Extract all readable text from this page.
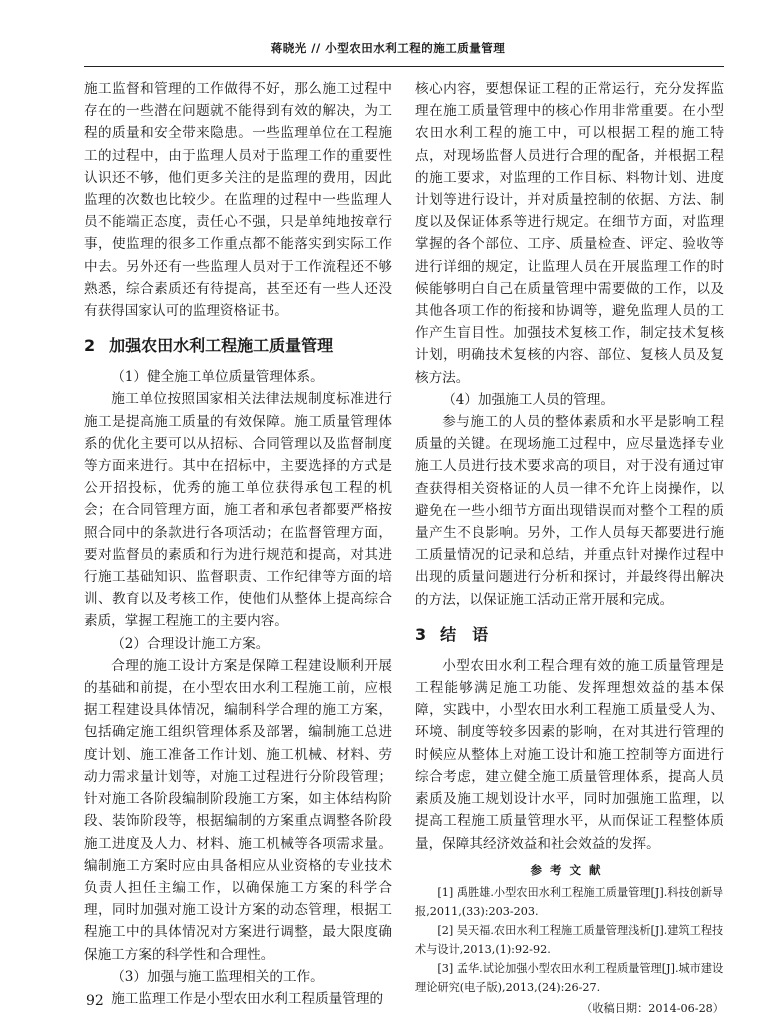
蒋晓光 // 小型农田水利工程的施工质量管理

施工监督和管理的工作做得不好，那么施工过程中存在的一些潜在问题就不能得到有效的解决，为工程的质量和安全带来隐患。一些监理单位在工程施工的过程中，由于监理人员对于监理工作的重要性认识还不够，他们更多关注的是监理的费用，因此监理的次数也比较少。在监理的过程中一些监理人员不能端正态度，责任心不强，只是单纯地按章行事，使监理的很多工作重点都不能落实到实际工作中去。另外还有一些监理人员对于工作流程还不够熟悉，综合素质还有待提高，甚至还有一些人还没有获得国家认可的监理资格证书。

2 加强农田水利工程施工质量管理

（1）健全施工单位质量管理体系。

施工单位按照国家相关法律法规制度标准进行施工是提高施工质量的有效保障。施工质量管理体系的优化主要可以从招标、合同管理以及监督制度等方面来进行。其中在招标中，主要选择的方式是公开招投标，优秀的施工单位获得承包工程的机会；在合同管理方面，施工者和承包者都要严格按照合同中的条款进行各项活动；在监督管理方面，要对监督员的素质和行为进行规范和提高，对其进行施工基础知识、监督职责、工作纪律等方面的培训、教育以及考核工作，使他们从整体上提高综合素质，掌握工程施工的主要内容。

（2）合理设计施工方案。

合理的施工设计方案是保障工程建设顺利开展的基础和前提，在小型农田水利工程施工前，应根据工程建设具体情况，编制科学合理的施工方案，包括确定施工组织管理体系及部署，编制施工总进度计划、施工准备工作计划、施工机械、材料、劳动力需求量计划等，对施工过程进行分阶段管理；针对施工各阶段编制阶段施工方案，如主体结构阶段、装饰阶段等，根据编制的方案重点调整各阶段施工进度及人力、材料、施工机械等各项需求量。编制施工方案时应由具备相应从业资格的专业技术负责人担任主编工作，以确保施工方案的科学合理，同时加强对施工设计方案的动态管理，根据工程施工中的具体情况对方案进行调整，最大限度确保施工方案的科学性和合理性。

（3）加强与施工监理相关的工作。

施工监理工作是小型农田水利工程质量管理的

核心内容，要想保证工程的正常运行，充分发挥监理在施工质量管理中的核心作用非常重要。在小型农田水利工程的施工中，可以根据工程的施工特点，对现场监督人员进行合理的配备，并根据工程的施工要求，对监理的工作目标、料物计划、进度计划等进行设计，并对质量控制的依据、方法、制度以及保证体系等进行规定。在细节方面，对监理掌握的各个部位、工序、质量检查、评定、验收等进行详细的规定，让监理人员在开展监理工作的时候能够明白自己在质量管理中需要做的工作，以及其他各项工作的衔接和协调等，避免监理人员的工作产生盲目性。加强技术复核工作，制定技术复核计划，明确技术复核的内容、部位、复核人员及复核方法。

（4）加强施工人员的管理。

参与施工的人员的整体素质和水平是影响工程质量的关键。在现场施工过程中，应尽量选择专业施工人员进行技术要求高的项目，对于没有通过审查获得相关资格证的人员一律不允许上岗操作，以避免在一些小细节方面出现错误而对整个工程的质量产生不良影响。另外，工作人员每天都要进行施工质量情况的记录和总结，并重点针对操作过程中出现的质量问题进行分析和探讨，并最终得出解决的方法，以保证施工活动正常开展和完成。

3 结　语

小型农田水利工程合理有效的施工质量管理是工程能够满足施工功能、发挥理想效益的基本保障，实践中，小型农田水利工程施工质量受人为、环境、制度等较多因素的影响，在对其进行管理的时候应从整体上对施工设计和施工控制等方面进行综合考虑，建立健全施工质量管理体系，提高人员素质及施工规划设计水平，同时加强施工监理，以提高工程施工质量管理水平，从而保证工程整体质量，保障其经济效益和社会效益的发挥。

参考文献

[1] 禹胜雄.小型农田水利工程施工质量管理[J].科技创新导报,2011,(33):203-203.

[2] 吴天福.农田水利工程施工质量管理浅析[J].建筑工程技术与设计,2013,(1):92-92.

[3] 孟华.试论加强小型农田水利工程质量管理[J].城市建设理论研究(电子版),2013,(24):26-27.

（收稿日期：2014-06-28）
92
